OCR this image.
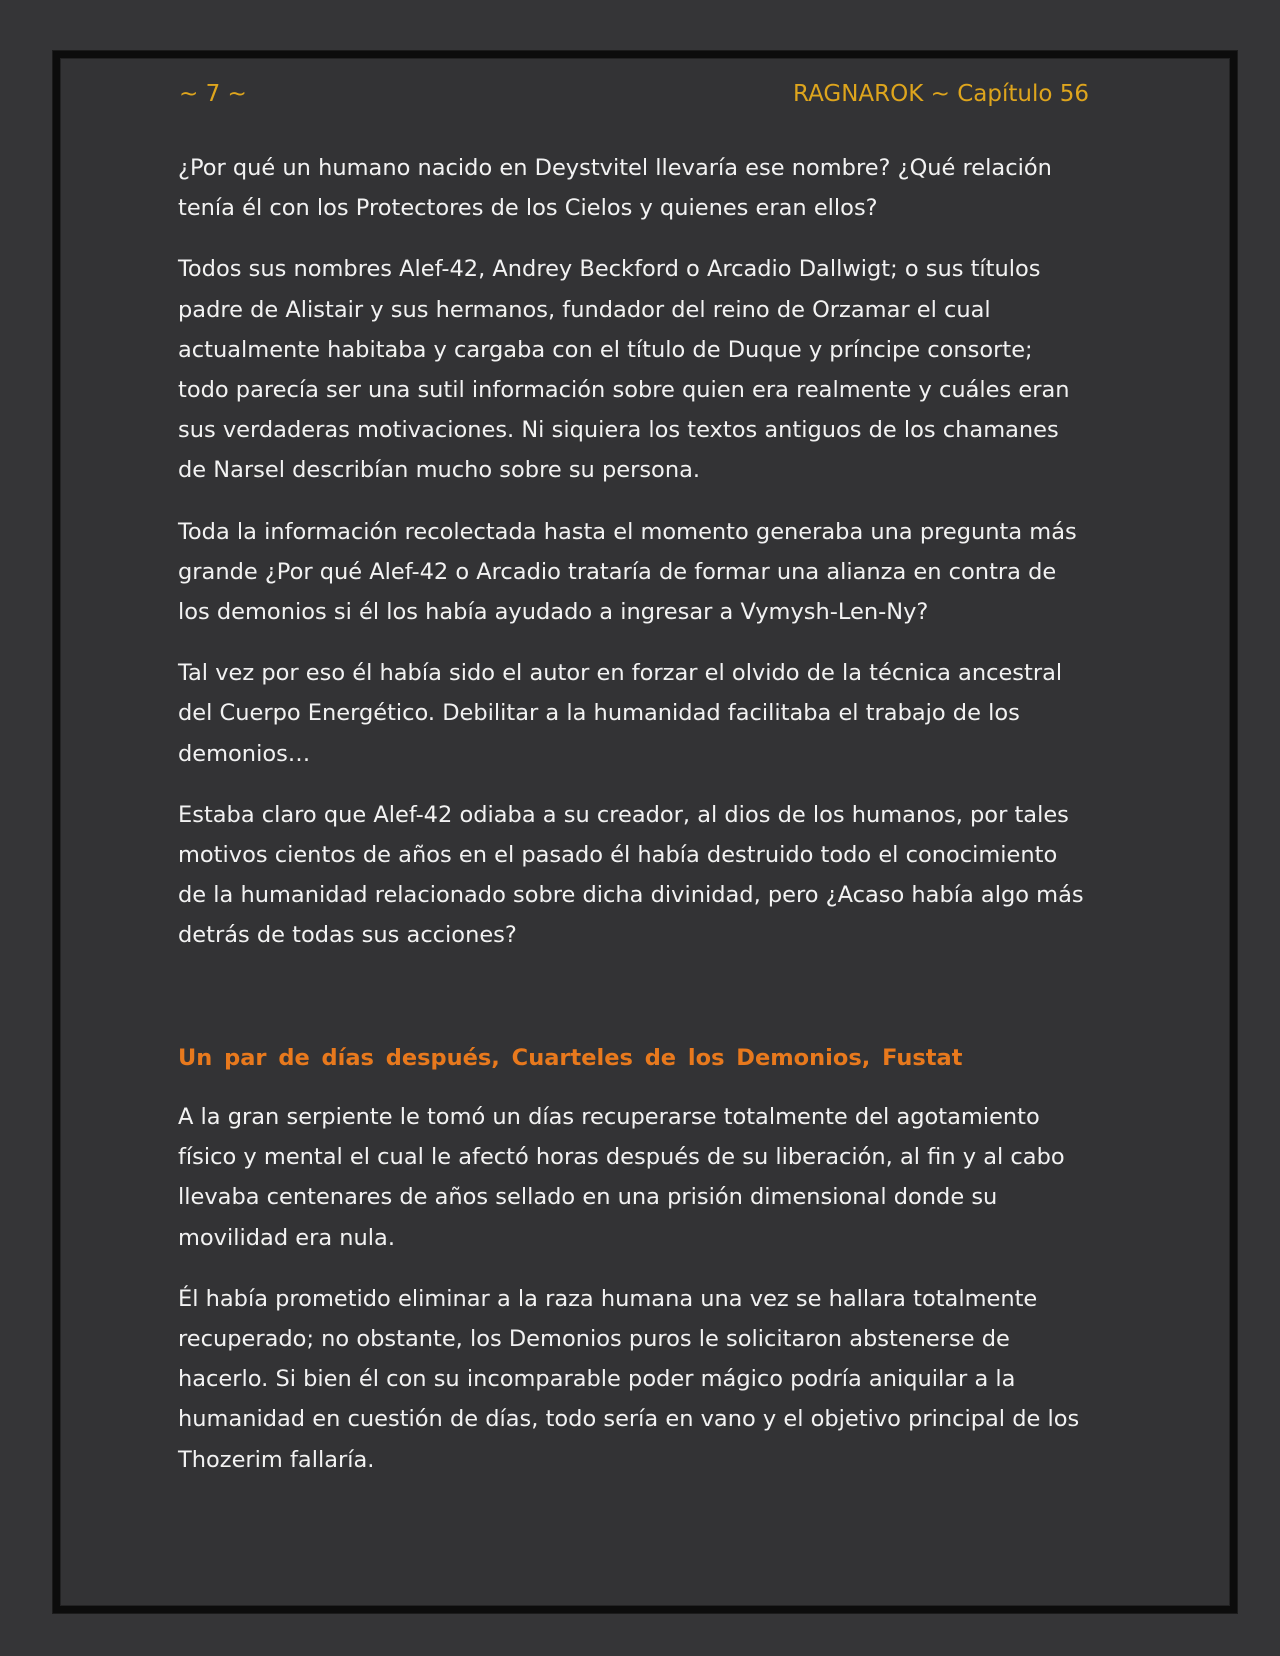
~ 7 ~	RAGNAROK ~ Capítulo 56

¿Por qué un humano nacido en Deystvitel llevaría ese nombre? ¿Qué relación
tenía él con los Protectores de los Cielos y quienes eran ellos?

Todos sus nombres Alef-42, Andrey Beckford o Arcadio Dallwigt; o sus títulos
padre de Alistair y sus hermanos, fundador del reino de Orzamar el cual
actualmente habitaba y cargaba con el título de Duque y príncipe consorte;
todo parecía ser una sutil información sobre quien era realmente y cuáles eran
sus verdaderas motivaciones. Ni siquiera los textos antiguos de los chamanes
de Narsel describían mucho sobre su persona.

Toda la información recolectada hasta el momento generaba una pregunta más
grande ¿Por qué Alef-42 o Arcadio trataría de formar una alianza en contra de
los demonios si él los había ayudado a ingresar a Vymysh-Len-Ny?

Tal vez por eso él había sido el autor en forzar el olvido de la técnica ancestral
del Cuerpo Energético. Debilitar a la humanidad facilitaba el trabajo de los
demonios…

Estaba claro que Alef-42 odiaba a su creador, al dios de los humanos, por tales
motivos cientos de años en el pasado él había destruido todo el conocimiento
de la humanidad relacionado sobre dicha divinidad, pero ¿Acaso había algo más
detrás de todas sus acciones?

Un par de días después, Cuarteles de los Demonios, Fustat

A la gran serpiente le tomó un días recuperarse totalmente del agotamiento
físico y mental el cual le afectó horas después de su liberación, al fin y al cabo
llevaba centenares de años sellado en una prisión dimensional donde su
movilidad era nula.

Él había prometido eliminar a la raza humana una vez se hallara totalmente
recuperado; no obstante, los Demonios puros le solicitaron abstenerse de
hacerlo. Si bien él con su incomparable poder mágico podría aniquilar a la
humanidad en cuestión de días, todo sería en vano y el objetivo principal de los
Thozerim fallaría.
